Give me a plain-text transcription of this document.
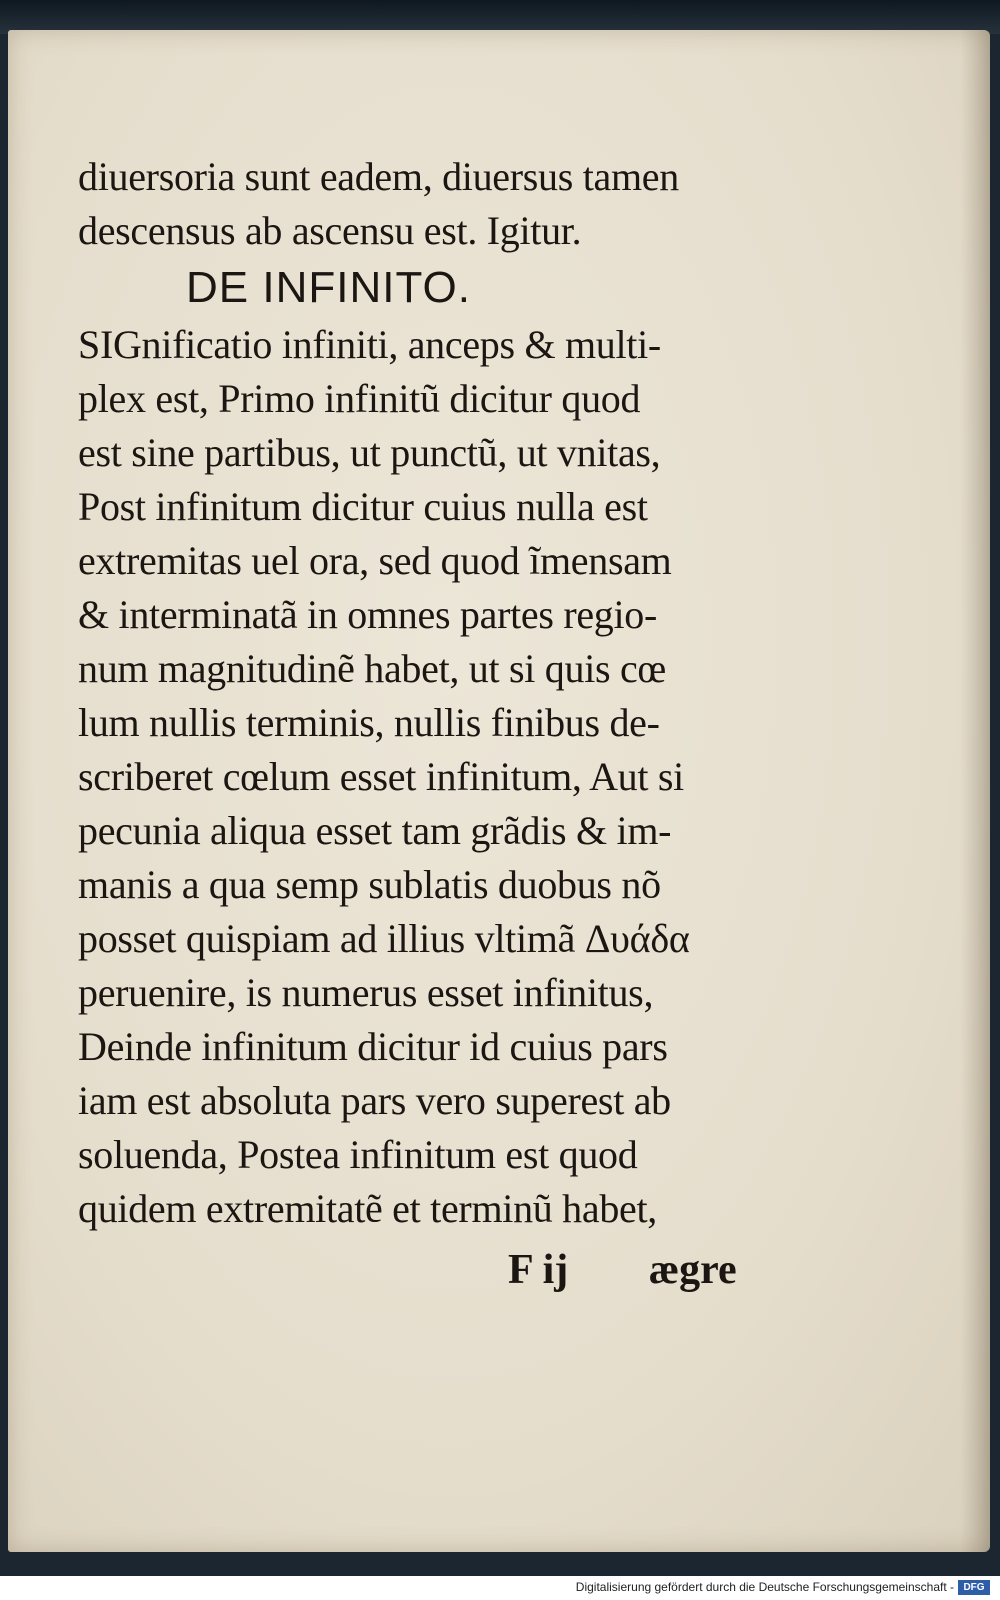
diuersoria sunt eadem, diuersus tamen
descensus ab ascensu est. Igitur.
DE INFINITO.
SIGnificatio infiniti, anceps & multi-
plex est, Primo infinitũ dicitur quod
est sine partibus, ut punctũ, ut vnitas,
Post infinitum dicitur cuius nulla est
extremitas uel ora, sed quod ĩmensam
& interminatã in omnes partes regio-
num magnitudinẽ habet, ut si quis cœ
lum nullis terminis, nullis finibus de-
scriberet cœlum esset infinitum, Aut si
pecunia aliqua esset tam grãdis & im-
manis a qua semp sublatis duobus nõ
posset quispiam ad illius vltimã Δυάδα
peruenire, is numerus esset infinitus,
Deinde infinitum dicitur id cuius pars
iam est absoluta pars vero superest ab
soluenda, Postea infinitum est quod
quidem extremitatẽ et terminũ habet,
F ij ægre
Digitalisierung gefördert durch die Deutsche Forschungsgemeinschaft - DFG
